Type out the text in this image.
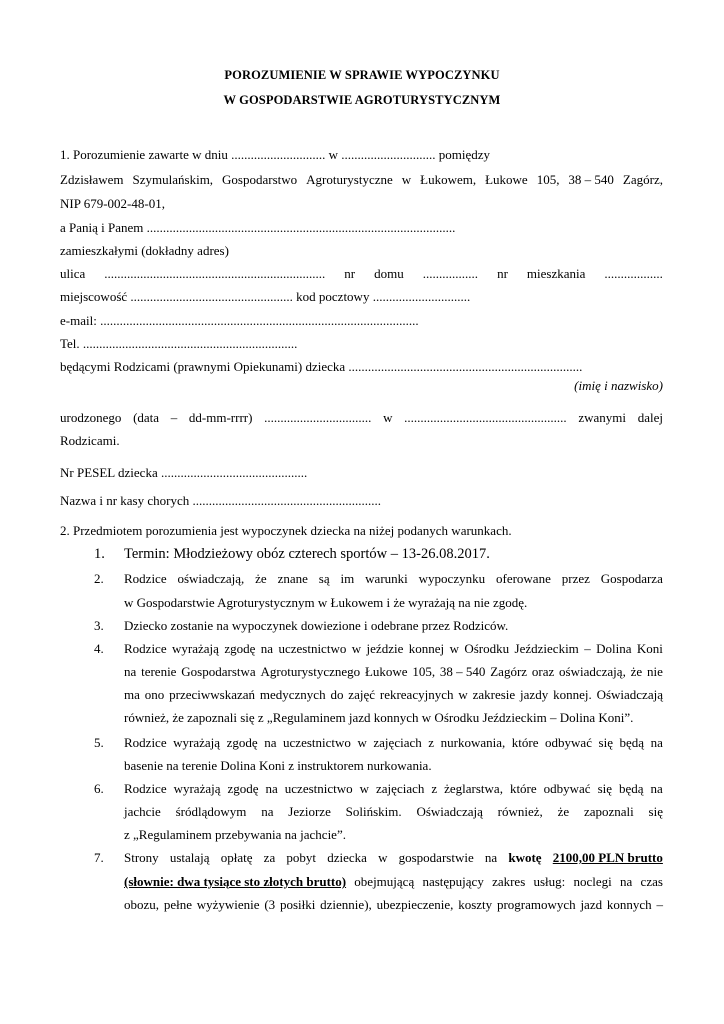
POROZUMIENIE W SPRAWIE WYPOCZYNKU
W GOSPODARSTWIE AGROTURYSTYCZNYM
1. Porozumienie zawarte w dniu ............................. w ............................. pomiędzy
Zdzisławem Szymulańskim, Gospodarstwo Agroturystyczne w Łukowem, Łukowe 105, 38 – 540 Zagórz,
NIP 679-002-48-01,
a Panią i Panem ...............................................................................................
zamieszkałymi (dokładny adres)
ulica .................................................................... nr domu ................. nr mieszkania ..................
miejscowość .................................................. kod pocztowy ..............................
e-mail: ..................................................................................................
Tel. ..................................................................
będącymi Rodzicami (prawnymi Opiekunami) dziecka ........................................................................
(imię i nazwisko)
urodzonego (data – dd-mm-rrrr) ................................. w .................................................. zwanymi dalej
Rodzicami.
Nr PESEL dziecka .............................................
Nazwa i nr kasy chorych ..........................................................
2. Przedmiotem porozumienia jest wypoczynek dziecka na niżej podanych warunkach.
1.	Termin: Młodzieżowy obóz czterech sportów – 13-26.08.2017.
2.	Rodzice oświadczają, że znane są im warunki wypoczynku oferowane przez Gospodarza
w Gospodarstwie Agroturystycznym w Łukowem i że wyrażają na nie zgodę.
3.	Dziecko zostanie na wypoczynek dowiezione i odebrane przez Rodziców.
4.	Rodzice wyrażają zgodę na uczestnictwo w jeździe konnej w Ośrodku Jeździeckim – Dolina Koni
na terenie Gospodarstwa Agroturystycznego Łukowe 105, 38 – 540 Zagórz oraz oświadczają, że nie
ma ono przeciwwskazań medycznych do zajęć rekreacyjnych w zakresie jazdy konnej. Oświadczają
również, że zapoznali się z „Regulaminem jazd konnych w Ośrodku Jeździeckim – Dolina Koni”.
5.	Rodzice wyrażają zgodę na uczestnictwo w zajęciach z nurkowania, które odbywać się będą na
basenie na terenie Dolina Koni z instruktorem nurkowania.
6.	Rodzice wyrażają zgodę na uczestnictwo w zajęciach z żeglarstwa, które odbywać się będą na
jachcie śródlądowym na Jeziorze Solińskim. Oświadczają również, że zapoznali się
z „Regulaminem przebywania na jachcie”.
7.	Strony ustalają opłatę za pobyt dziecka w gospodarstwie na kwotę 2100,00 PLN brutto
(słownie: dwa tysiące sto złotych brutto) obejmującą następujący zakres usług: noclegi na czas
obozu, pełne wyżywienie (3 posiłki dziennie), ubezpieczenie, koszty programowych jazd konnych –
